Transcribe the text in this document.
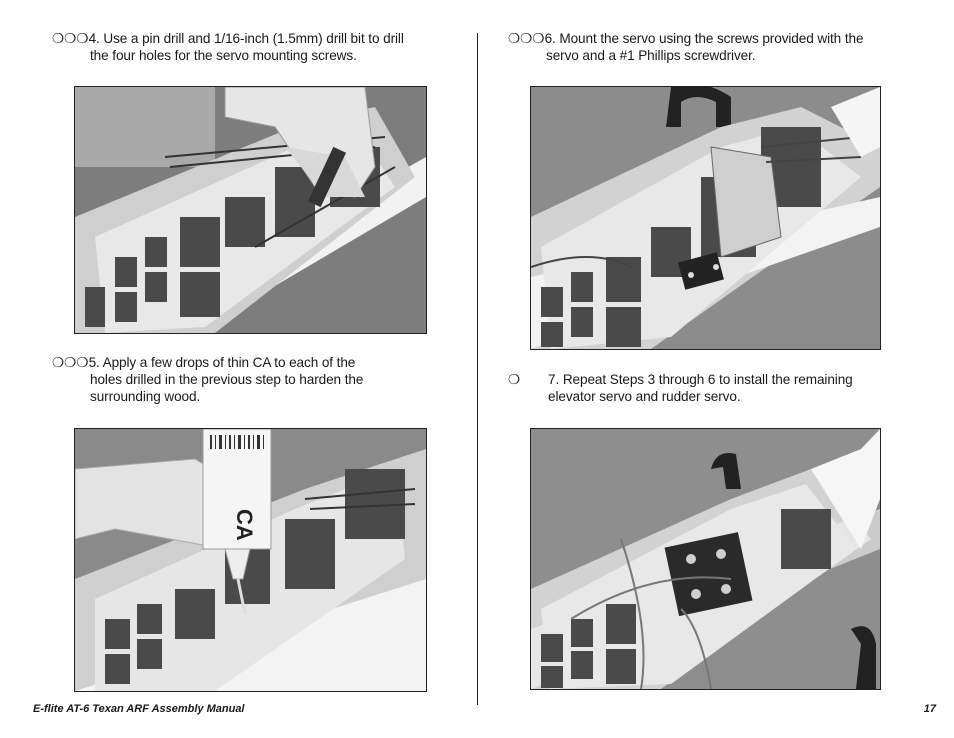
❍❍❍4. Use a pin drill and 1/16-inch (1.5mm) drill bit to drill
the four holes for the servo mounting screws.
❍❍❍5. Apply a few drops of thin CA to each of the
holes drilled in the previous step to harden the
surrounding wood.
CA
❍❍❍6. Mount the servo using the screws provided with the
servo and a #1 Phillips screwdriver.
❍ 7. Repeat Steps 3 through 6 to install the remaining
elevator servo and rudder servo.
E-flite AT-6 Texan ARF Assembly Manual	17
